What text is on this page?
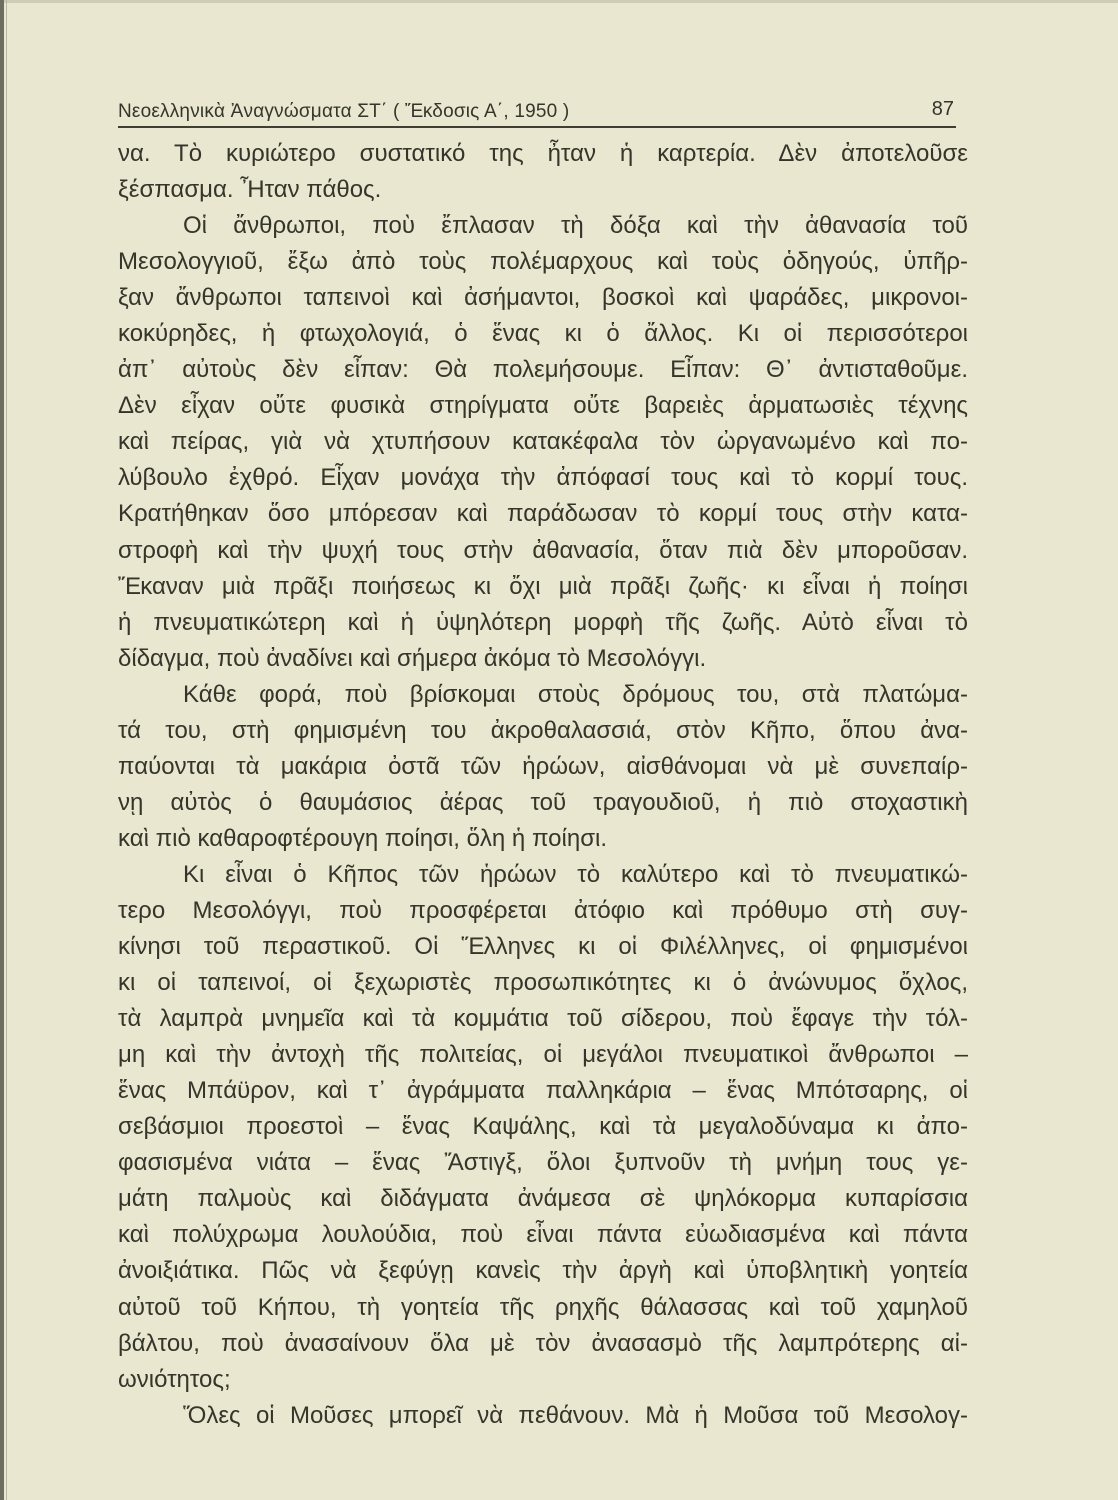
Νεοελληνικὰ Ἀναγνώσματα ΣΤ΄ ( Ἔκδοσις Α΄, 1950 )	87
να. Τὸ κυριώτερο συστατικό της ἦταν ἡ καρτερία. Δὲν ἀποτελοῦσε
ξέσπασμα. Ἦταν πάθος.
Οἱ ἄνθρωποι, ποὺ ἔπλασαν τὴ δόξα καὶ τὴν ἀθανασία τοῦ
Μεσολογγιοῦ, ἔξω ἀπὸ τοὺς πολέμαρχους καὶ τοὺς ὁδηγούς, ὑπῆρ-
ξαν ἄνθρωποι ταπεινοὶ καὶ ἀσήμαντοι, βοσκοὶ καὶ ψαράδες, μικρονοι-
κοκύρηδες, ἡ φτωχολογιά, ὁ ἕνας κι ὁ ἄλλος. Κι οἱ περισσότεροι
ἀπ᾽ αὐτοὺς δὲν εἶπαν: Θὰ πολεμήσουμε. Εἶπαν: Θ᾽ ἀντισταθοῦμε.
Δὲν εἶχαν οὔτε φυσικὰ στηρίγματα οὔτε βαρειὲς ἁρματωσιὲς τέχνης
καὶ πείρας, γιὰ νὰ χτυπήσουν κατακέφαλα τὸν ὠργανωμένο καὶ πο-
λύβουλο ἐχθρό. Εἶχαν μονάχα τὴν ἀπόφασί τους καὶ τὸ κορμί τους.
Κρατήθηκαν ὅσο μπόρεσαν καὶ παράδωσαν τὸ κορμί τους στὴν κατα-
στροφὴ καὶ τὴν ψυχή τους στὴν ἀθανασία, ὅταν πιὰ δὲν μποροῦσαν.
Ἔκαναν μιὰ πρᾶξι ποιήσεως κι ὄχι μιὰ πρᾶξι ζωῆς· κι εἶναι ἡ ποίησι
ἡ πνευματικώτερη καὶ ἡ ὑψηλότερη μορφὴ τῆς ζωῆς. Αὐτὸ εἶναι τὸ
δίδαγμα, ποὺ ἀναδίνει καὶ σήμερα ἀκόμα τὸ Μεσολόγγι.
Κάθε φορά, ποὺ βρίσκομαι στοὺς δρόμους του, στὰ πλατώμα-
τά του, στὴ φημισμένη του ἀκροθαλασσιά, στὸν Κῆπο, ὅπου ἀνα-
παύονται τὰ μακάρια ὀστᾶ τῶν ἡρώων, αἰσθάνομαι νὰ μὲ συνεπαίρ-
νῃ αὐτὸς ὁ θαυμάσιος ἀέρας τοῦ τραγουδιοῦ, ἡ πιὸ στοχαστικὴ
καὶ πιὸ καθαροφτέρουγη ποίησι, ὅλη ἡ ποίησι.
Κι εἶναι ὁ Κῆπος τῶν ἡρώων τὸ καλύτερο καὶ τὸ πνευματικώ-
τερο Μεσολόγγι, ποὺ προσφέρεται ἀτόφιο καὶ πρόθυμο στὴ συγ-
κίνησι τοῦ περαστικοῦ. Οἱ Ἕλληνες κι οἱ Φιλέλληνες, οἱ φημισμένοι
κι οἱ ταπεινοί, οἱ ξεχωριστὲς προσωπικότητες κι ὁ ἀνώνυμος ὄχλος,
τὰ λαμπρὰ μνημεῖα καὶ τὰ κομμάτια τοῦ σίδερου, ποὺ ἔφαγε τὴν τόλ-
μη καὶ τὴν ἀντοχὴ τῆς πολιτείας, οἱ μεγάλοι πνευματικοὶ ἄνθρωποι –
ἕνας Μπάϋρον, καὶ τ᾽ ἀγράμματα παλληκάρια – ἕνας Μπότσαρης, οἱ
σεβάσμιοι προεστοὶ – ἕνας Καψάλης, καὶ τὰ μεγαλοδύναμα κι ἀπο-
φασισμένα νιάτα – ἕνας Ἄστιγξ, ὅλοι ξυπνοῦν τὴ μνήμη τους γε-
μάτη παλμοὺς καὶ διδάγματα ἀνάμεσα σὲ ψηλόκορμα κυπαρίσσια
καὶ πολύχρωμα λουλούδια, ποὺ εἶναι πάντα εὐωδιασμένα καὶ πάντα
ἀνοιξιάτικα. Πῶς νὰ ξεφύγῃ κανεὶς τὴν ἀργὴ καὶ ὑποβλητικὴ γοητεία
αὐτοῦ τοῦ Κήπου, τὴ γοητεία τῆς ρηχῆς θάλασσας καὶ τοῦ χαμηλοῦ
βάλτου, ποὺ ἀνασαίνουν ὅλα μὲ τὸν ἀνασασμὸ τῆς λαμπρότερης αἰ-
ωνιότητος;
Ὅλες οἱ Μοῦσες μπορεῖ νὰ πεθάνουν. Μὰ ἡ Μοῦσα τοῦ Μεσολογ-
